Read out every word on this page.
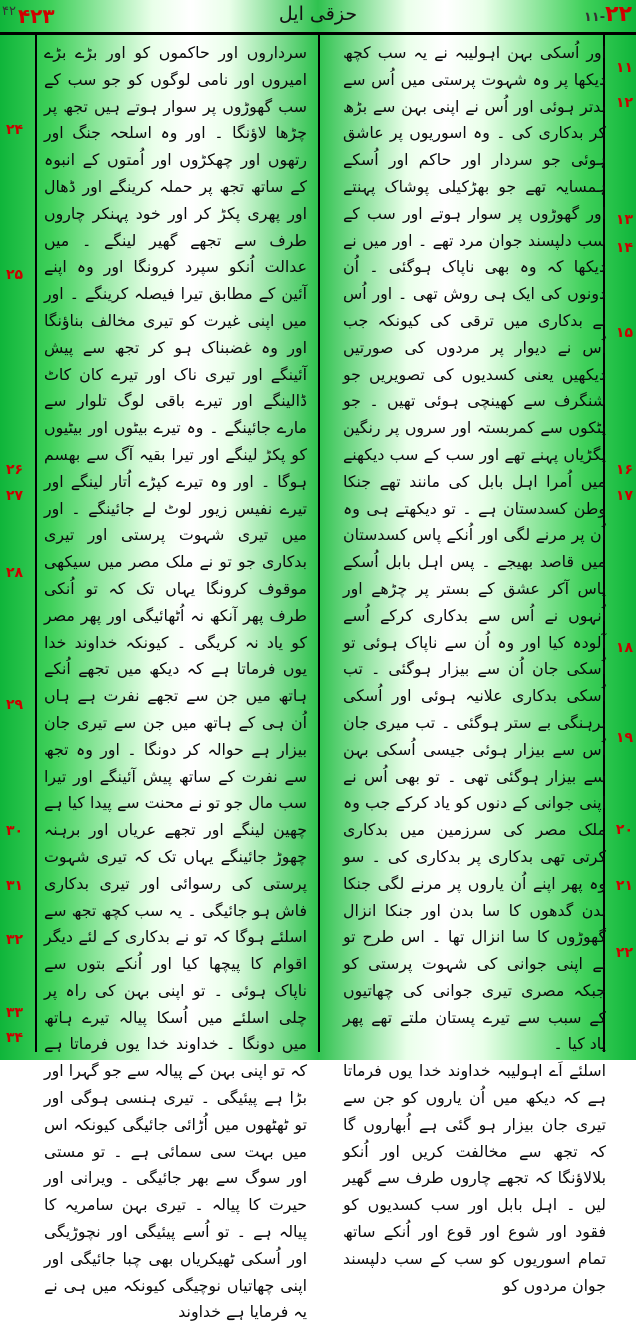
$^{۴۲}$ ۴۲۳	حزقی ایل	۱۱-۲۲

اور اُسکی بہن اہولیبہ نے یہ سب کچھ دیکھا پر وہ شہوت پرستی میں اُس سے بدتر ہوئی اور اُس نے اپنی بہن سے بڑھ کر بدکاری کی ۔ وہ اسوریوں پر عاشق ہوئی جو سردار اور حاکم اور اُسکے ہمسایہ تھے جو بھڑکیلی پوشاک پہنتے اور گھوڑوں پر سوار ہوتے اور سب کے سب دلپسند جوان مرد تھے ۔ اور میں نے دیکھا کہ وہ بھی ناپاک ہوگئی ۔ اُن دونوں کی ایک ہی روش تھی ۔ اور اُس نے بدکاری میں ترقی کی کیونکہ جب اُس نے دیوار پر مردوں کی صورتیں دیکھیں یعنی کسدیوں کی تصویریں جو شنگرف سے کھینچی ہوئی تھیں ۔ جو پٹکوں سے کمربستہ اور سروں پر رنگین پگڑیاں پہنے تھے اور سب کے سب دیکھنے میں اُمرا اہل بابل کی مانند تھے جنکا وطن کسدستان ہے ۔ تو دیکھتے ہی وہ اُن پر مرنے لگی اور اُنکے پاس کسدستان میں قاصد بھیجے ۔ پس اہل بابل اُسکے پاس آکر عشق کے بستر پر چڑھے اور اُنہوں نے اُس سے بدکاری کرکے اُسے آلودہ کیا اور وہ اُن سے ناپاک ہوئی تو اُسکی جان اُن سے بیزار ہوگئی ۔ تب اُسکی بدکاری علانیہ ہوئی اور اُسکی برہنگی بے ستر ہوگئی ۔ تب میری جان اُس سے بیزار ہوئی جیسی اُسکی بہن سے بیزار ہوگئی تھی ۔ تو بھی اُس نے اپنی جوانی کے دنوں کو یاد کرکے جب وہ ملک مصر کی سرزمین میں بدکاری کرتی تھی بدکاری پر بدکاری کی ۔ سو وہ پھر اپنے اُن یاروں پر مرنے لگی جنکا بدن گدھوں کا سا بدن اور جنکا انزال گھوڑوں کا سا انزال تھا ۔ اس طرح تو نے اپنی جوانی کی شہوت پرستی کو جبکہ مصری تیری جوانی کی چھاتیوں کے سبب سے تیرے پستان ملتے تھے پھر یاد کیا ۔

اسلئے اَے اہولیبہ خداوند خدا یوں فرماتا ہے کہ دیکھ میں اُن یاروں کو جن سے تیری جان بیزار ہو گئی ہے اُبھاروں گا کہ تجھ سے مخالفت کریں اور اُنکو بلالاؤنگا کہ تجھے چاروں طرف سے گھیر لیں ۔ اہل بابل اور سب کسدیوں کو فقود اور شوع اور قوع اور اُنکے ساتھ تمام اسوریوں کو سب کے سب دلپسند جوان مردوں کو

سرداروں اور حاکموں کو اور بڑے بڑے امیروں اور نامی لوگوں کو جو سب کے سب گھوڑوں پر سوار ہوتے ہیں تجھ پر چڑھا لاؤنگا ۔ اور وہ اسلحہ جنگ اور رتھوں اور چھکڑوں اور اُمتوں کے انبوہ کے ساتھ تجھ پر حملہ کرینگے اور ڈھال اور پھری پکڑ کر اور خود پہنکر چاروں طرف سے تجھے گھیر لینگے ۔ میں عدالت اُنکو سپرد کرونگا اور وہ اپنے آئین کے مطابق تیرا فیصلہ کرینگے ۔ اور میں اپنی غیرت کو تیری مخالف بناؤنگا اور وہ غضبناک ہو کر تجھ سے پیش آئینگے اور تیری ناک اور تیرے کان کاٹ ڈالینگے اور تیرے باقی لوگ تلوار سے مارے جائینگے ۔ وہ تیرے بیٹوں اور بیٹیوں کو پکڑ لینگے اور تیرا بقیہ آگ سے بھسم ہوگا ۔ اور وہ تیرے کپڑے اُتار لینگے اور تیرے نفیس زیور لوٹ لے جائینگے ۔ اور میں تیری شہوت پرستی اور تیری بدکاری جو تو نے ملک مصر میں سیکھی موقوف کرونگا یہاں تک کہ تو اُنکی طرف پھر آنکھ نہ اُٹھائیگی اور پھر مصر کو یاد نہ کریگی ۔ کیونکہ خداوند خدا یوں فرماتا ہے کہ دیکھ میں تجھے اُنکے ہاتھ میں جن سے تجھے نفرت ہے ہاں اُن ہی کے ہاتھ میں جن سے تیری جان بیزار ہے حوالہ کر دونگا ۔ اور وہ تجھ سے نفرت کے ساتھ پیش آئینگے اور تیرا سب مال جو تو نے محنت سے پیدا کیا ہے چھین لینگے اور تجھے عریاں اور برہنہ چھوڑ جائینگے یہاں تک کہ تیری شہوت پرستی کی رسوائی اور تیری بدکاری فاش ہو جائیگی ۔ یہ سب کچھ تجھ سے اسلئے ہوگا کہ تو نے بدکاری کے لئے دیگر اقوام کا پیچھا کیا اور اُنکے بتوں سے ناپاک ہوئی ۔ تو اپنی بہن کی راہ پر چلی اسلئے میں اُسکا پیالہ تیرے ہاتھ میں دونگا ۔ خداوند خدا یوں فرماتا ہے کہ تو اپنی بہن کے پیالہ سے جو گہرا اور بڑا ہے پیئیگی ۔ تیری ہنسی ہوگی اور تو ٹھٹھوں میں اُڑائی جائیگی کیونکہ اس میں بہت سی سمائی ہے ۔ تو مستی اور سوگ سے بھر جائیگی ۔ ویرانی اور حیرت کا پیالہ ۔ تیری بہن سامریہ کا پیالہ ہے ۔ تو اُسے پیئیگی اور نچوڑیگی اور اُسکی ٹھیکریاں بھی چبا جائیگی اور اپنی چھاتیاں نوچیگی کیونکہ میں ہی نے یہ فرمایا ہے خداوند

۱۱
۱۲
۱۳
۱۴
۱۵
۱۶
۱۷
۱۸
۱۹
۲۰
۲۱
۲۲
۲۴
۲۵
۲۶
۲۷
۲۸
۲۹
۳۰
۳۱
۳۲
۳۳
۳۴
